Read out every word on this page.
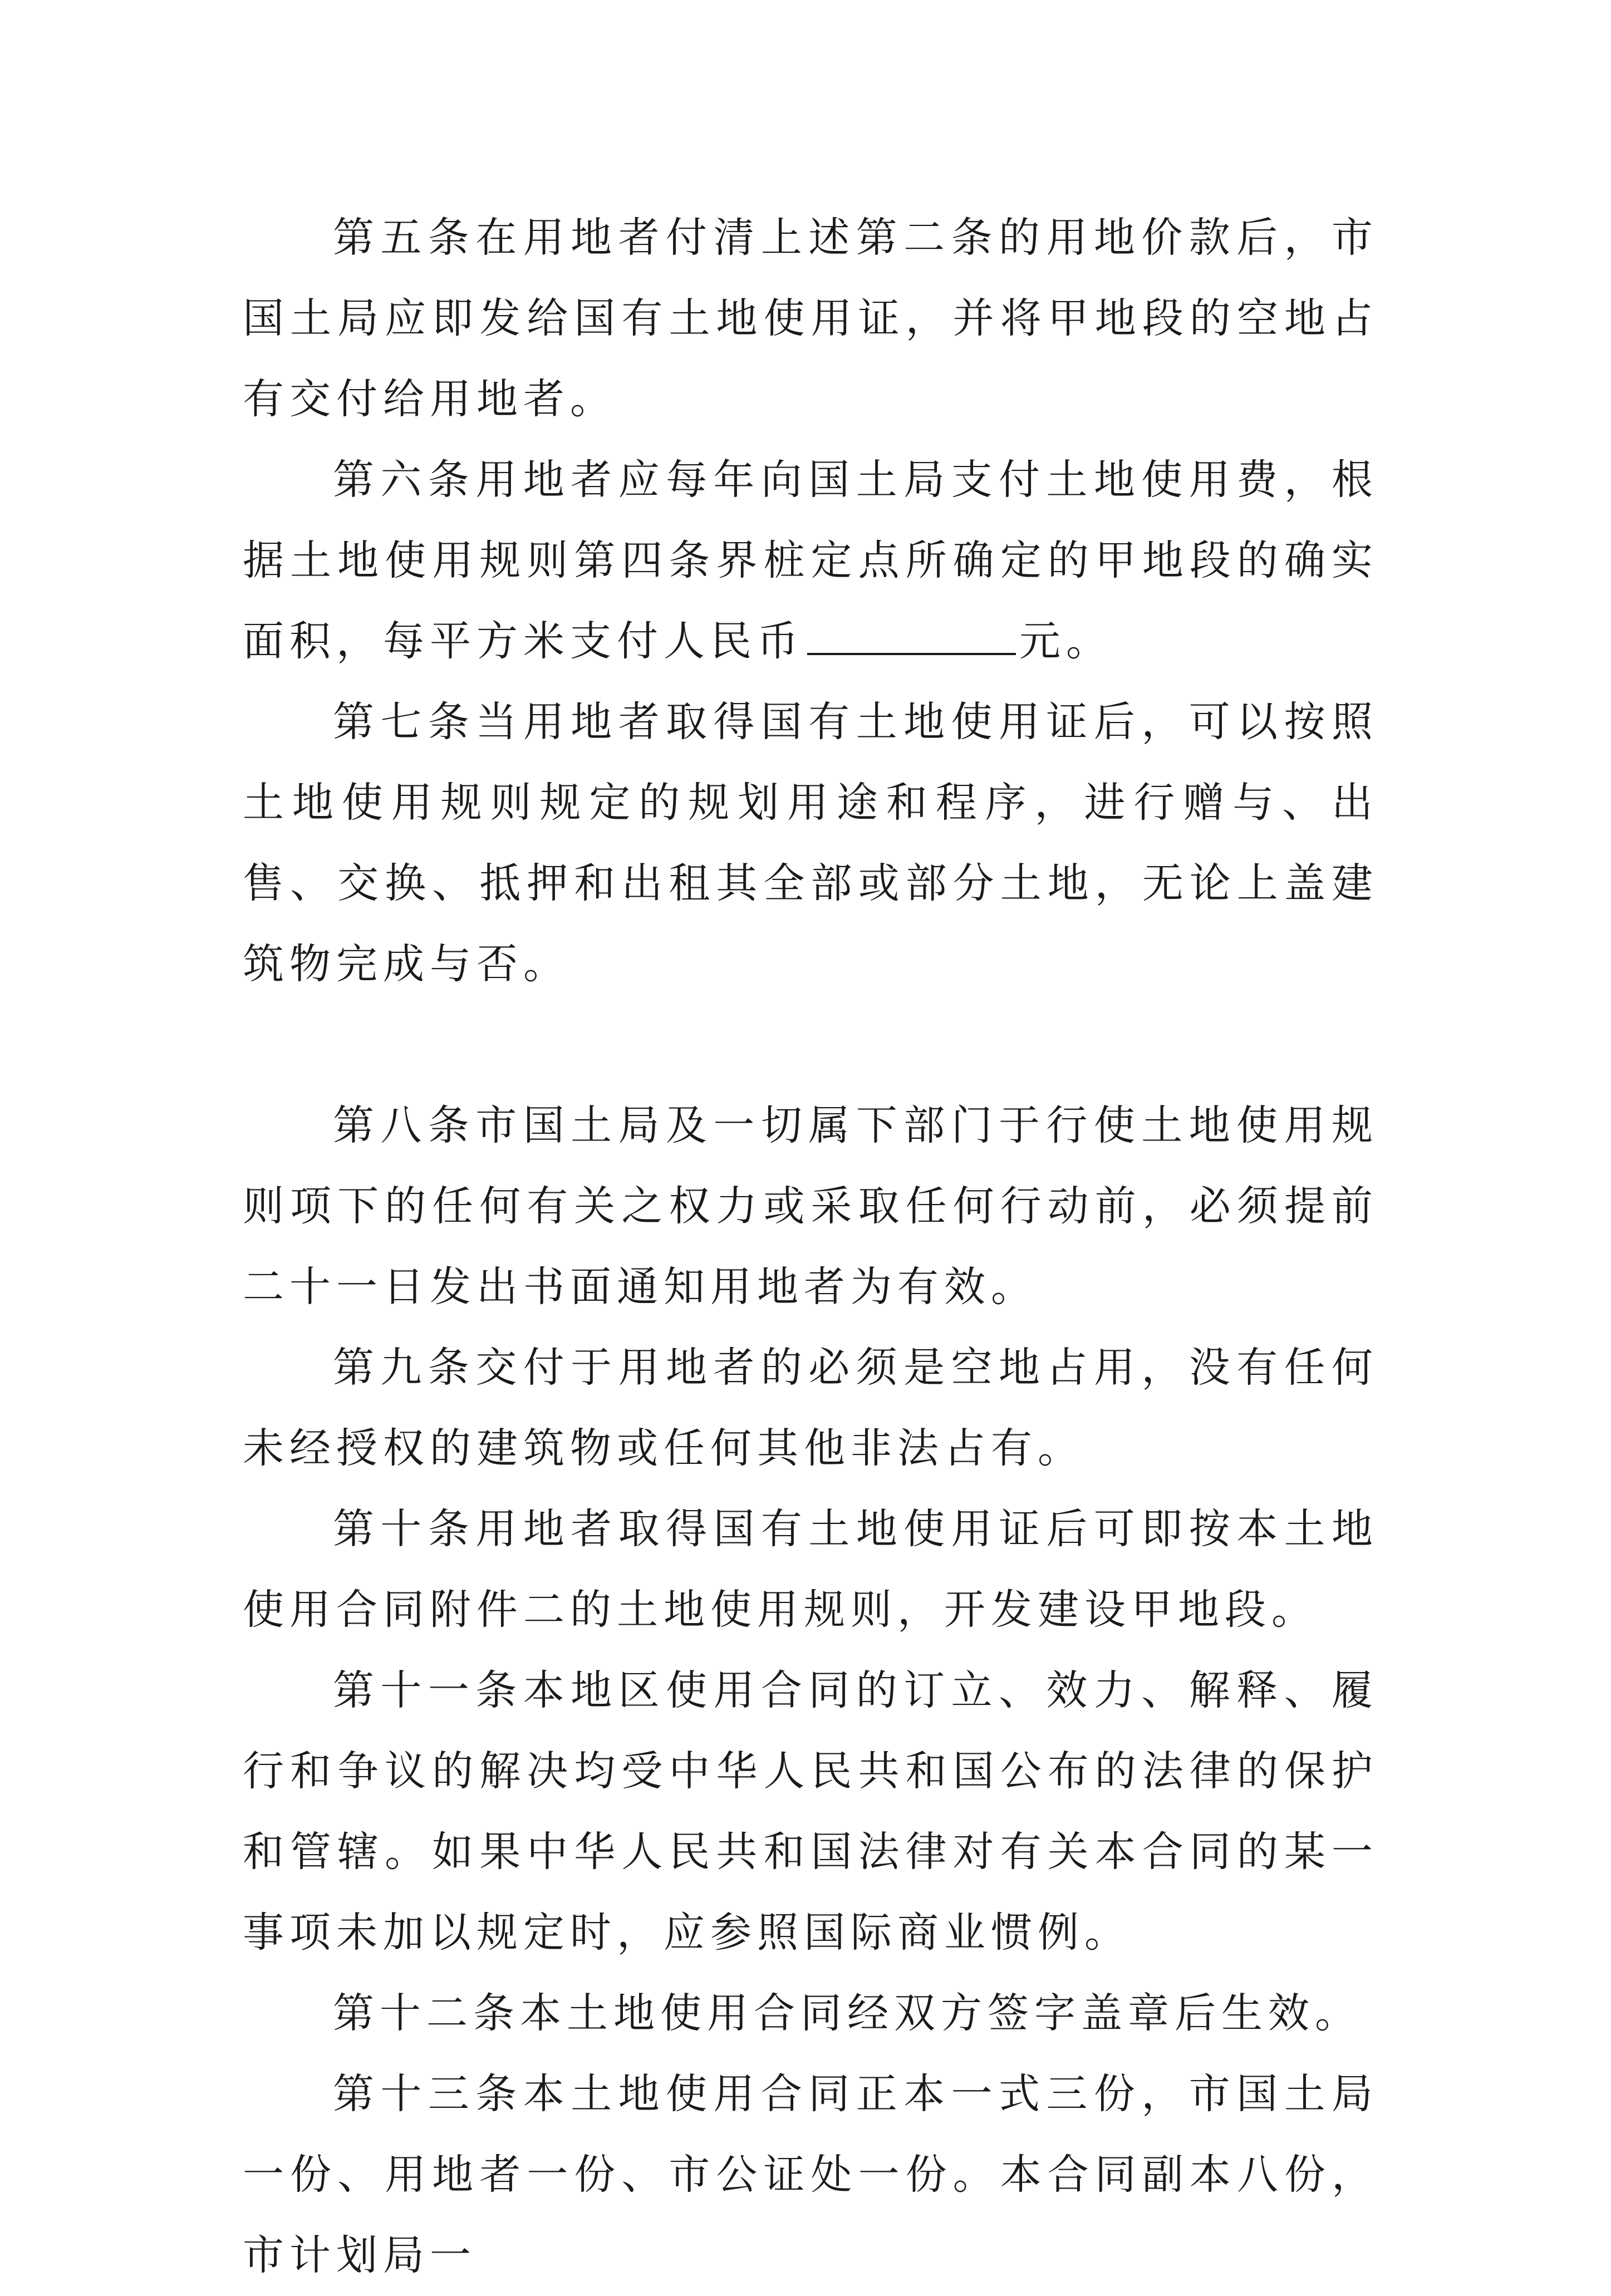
第五条在用地者付清上述第二条的用地价款后，市国土局应即发给国有土地使用证，并将甲地段的空地占有交付给用地者。

第六条用地者应每年向国土局支付土地使用费，根据土地使用规则第四条界桩定点所确定的甲地段的确实面积，每平方米支付人民币	元。

第七条当用地者取得国有土地使用证后，可以按照土地使用规则规定的规划用途和程序，进行赠与、出售、交换、抵押和出租其全部或部分土地，无论上盖建筑物完成与否。

第八条市国土局及一切属下部门于行使土地使用规则项下的任何有关之权力或采取任何行动前，必须提前二十一日发出书面通知用地者为有效。

第九条交付于用地者的必须是空地占用，没有任何未经授权的建筑物或任何其他非法占有。

第十条用地者取得国有土地使用证后可即按本土地使用合同附件二的土地使用规则，开发建设甲地段。

第十一条本地区使用合同的订立、效力、解释、履行和争议的解决均受中华人民共和国公布的法律的保护和管辖。如果中华人民共和国法律对有关本合同的某一事项未加以规定时，应参照国际商业惯例。

第十二条本土地使用合同经双方签字盖章后生效。

第十三条本土地使用合同正本一式三份，市国土局一份、用地者一份、市公证处一份。本合同副本八份，市计划局一
